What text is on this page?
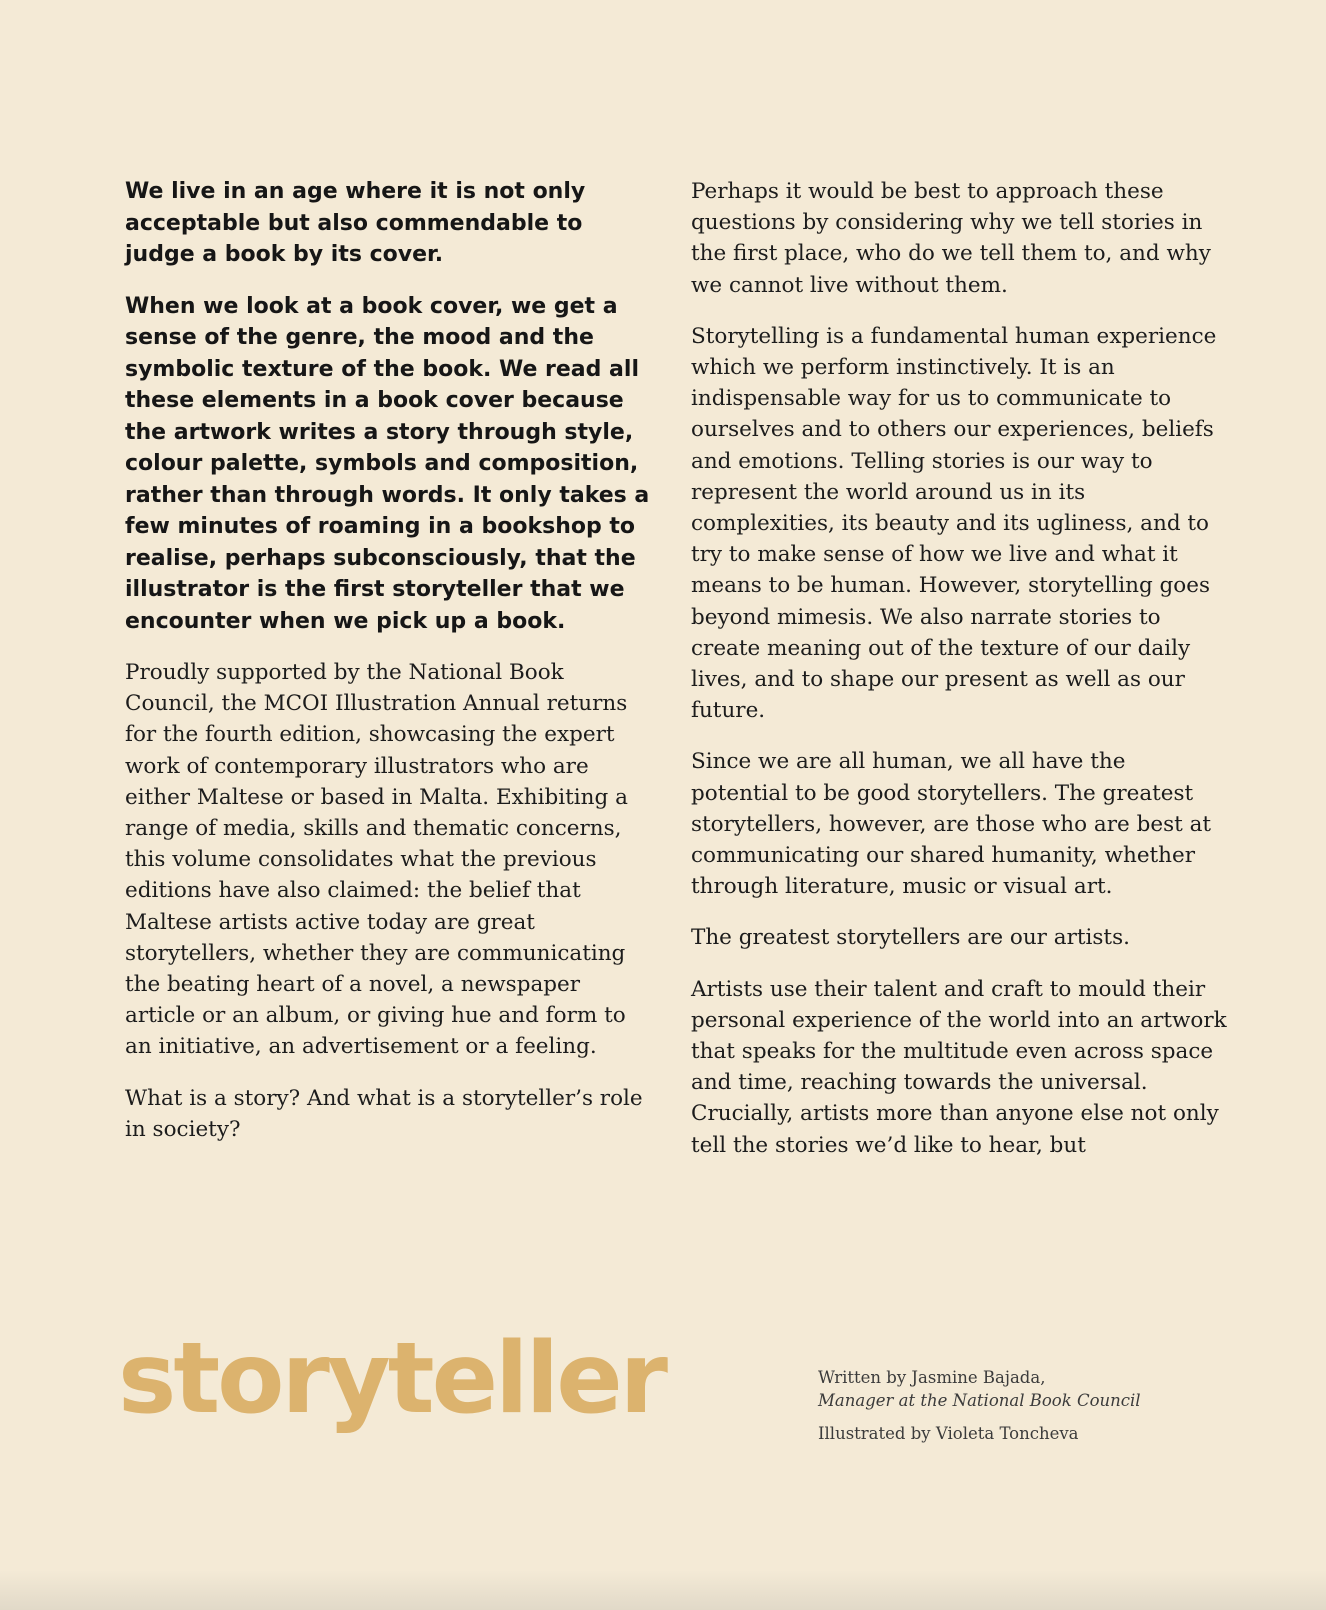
We live in an age where it is not only acceptable but also commendable to judge a book by its cover.

When we look at a book cover, we get a sense of the genre, the mood and the symbolic texture of the book. We read all these elements in a book cover because the artwork writes a story through style, colour palette, symbols and composition, rather than through words. It only takes a few minutes of roaming in a bookshop to realise, perhaps subconsciously, that the illustrator is the first storyteller that we encounter when we pick up a book.

Proudly supported by the National Book Council, the MCOI Illustration Annual returns for the fourth edition, showcasing the expert work of contemporary illustrators who are either Maltese or based in Malta. Exhibiting a range of media, skills and thematic concerns, this volume consolidates what the previous editions have also claimed: the belief that Maltese artists active today are great storytellers, whether they are communicating the beating heart of a novel, a newspaper article or an album, or giving hue and form to an initiative, an advertisement or a feeling.

What is a story? And what is a storyteller’s role in society?

Perhaps it would be best to approach these questions by considering why we tell stories in the first place, who do we tell them to, and why we cannot live without them.

Storytelling is a fundamental human experience which we perform instinctively. It is an indispensable way for us to communicate to ourselves and to others our experiences, beliefs and emotions. Telling stories is our way to represent the world around us in its complexities, its beauty and its ugliness, and to try to make sense of how we live and what it means to be human. However, storytelling goes beyond mimesis. We also narrate stories to create meaning out of the texture of our daily lives, and to shape our present as well as our future.

Since we are all human, we all have the potential to be good storytellers. The greatest storytellers, however, are those who are best at communicating our shared humanity, whether through literature, music or visual art.

The greatest storytellers are our artists.

Artists use their talent and craft to mould their personal experience of the world into an artwork that speaks for the multitude even across space and time, reaching towards the universal. Crucially, artists more than anyone else not only tell the stories we’d like to hear, but

storyteller	Written by Jasmine Bajada,
Manager at the National Book Council
Illustrated by Violeta Toncheva
